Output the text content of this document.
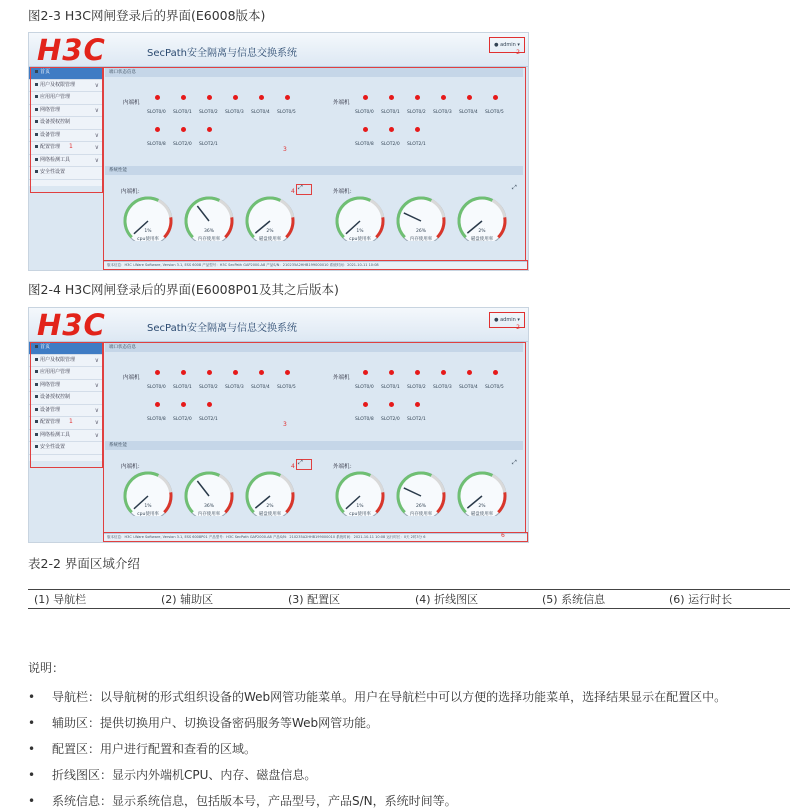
图2-3 H3C网闸登录后的界面(E6008版本)
H3C	SecPath安全隔离与信息交换系统
● admin ▾
2
首页
用户及权限管理	∨
应用用户管理
网络管理	∨
设备授权控制
设备管理	∨
配置管理	∨
网络检测工具	∨
安全性设置
1
端口状态信息
内端机	外端机
SLOT0/0 SLOT0/1 SLOT0/2 SLOT0/3 SLOT0/4 SLOT0/5
SLOT0/8 SLOT2/0 SLOT2/1
SLOT0/0 SLOT0/1 SLOT0/2 SLOT0/3 SLOT0/4 SLOT0/5
SLOT0/8 SLOT2/0 SLOT2/1
3
系统性能
内端机：	外端机：
⤢
4
⤢
1%
cpu使用率
36%
内存使用率
2%
磁盘使用率
1%
cpu使用率
26%
内存使用率
2%
磁盘使用率
版本信息：H3C i-Ware Software, Version 3.1, ESS 6008 产品型号：H3C SecPath GAP2000-A8 产品S/N：210235A2HHB199000010 系统时间：2021-10-11 10:08
图2-4 H3C网闸登录后的界面(E6008P01及其之后版本)
H3C	SecPath安全隔离与信息交换系统
● admin ▾
2
首页
用户及权限管理	∨
应用用户管理
网络管理	∨
设备授权控制
设备管理	∨
配置管理	∨
网络检测工具	∨
安全性设置
1
端口状态信息
内端机	外端机
SLOT0/0 SLOT0/1 SLOT0/2 SLOT0/3 SLOT0/4 SLOT0/5
SLOT0/8 SLOT2/0 SLOT2/1
SLOT0/0 SLOT0/1 SLOT0/2 SLOT0/3 SLOT0/4 SLOT0/5
SLOT0/8 SLOT2/0 SLOT2/1
3
系统性能
内端机：	外端机：
⤢
4
⤢
1%
cpu使用率
36%
内存使用率
2%
磁盘使用率
1%
cpu使用率
26%
内存使用率
2%
磁盘使用率
版本信息：H3C i-Ware Software, Version 3.1, ESS 6008P01 产品型号：H3C SecPath GAP2000-A8 产品S/N：210235A2HHB199000010 系统时间：2021-10-11 10:08 运行时长：0天 2时3分 6	6
表2-2 界面区域介绍
(1) 导航栏	(2) 辅助区	(3) 配置区	(4) 折线图区	(5) 系统信息	(6) 运行时长
说明：
• 导航栏：以导航树的形式组织设备的Web网管功能菜单。用户在导航栏中可以方便的选择功能菜单，选择结果显示在配置区中。
• 辅助区：提供切换用户、切换设备密码服务等Web网管功能。
• 配置区：用户进行配置和查看的区域。
• 折线图区：显示内外端机CPU、内存、磁盘信息。
• 系统信息：显示系统信息，包括版本号，产品型号，产品S/N，系统时间等。
